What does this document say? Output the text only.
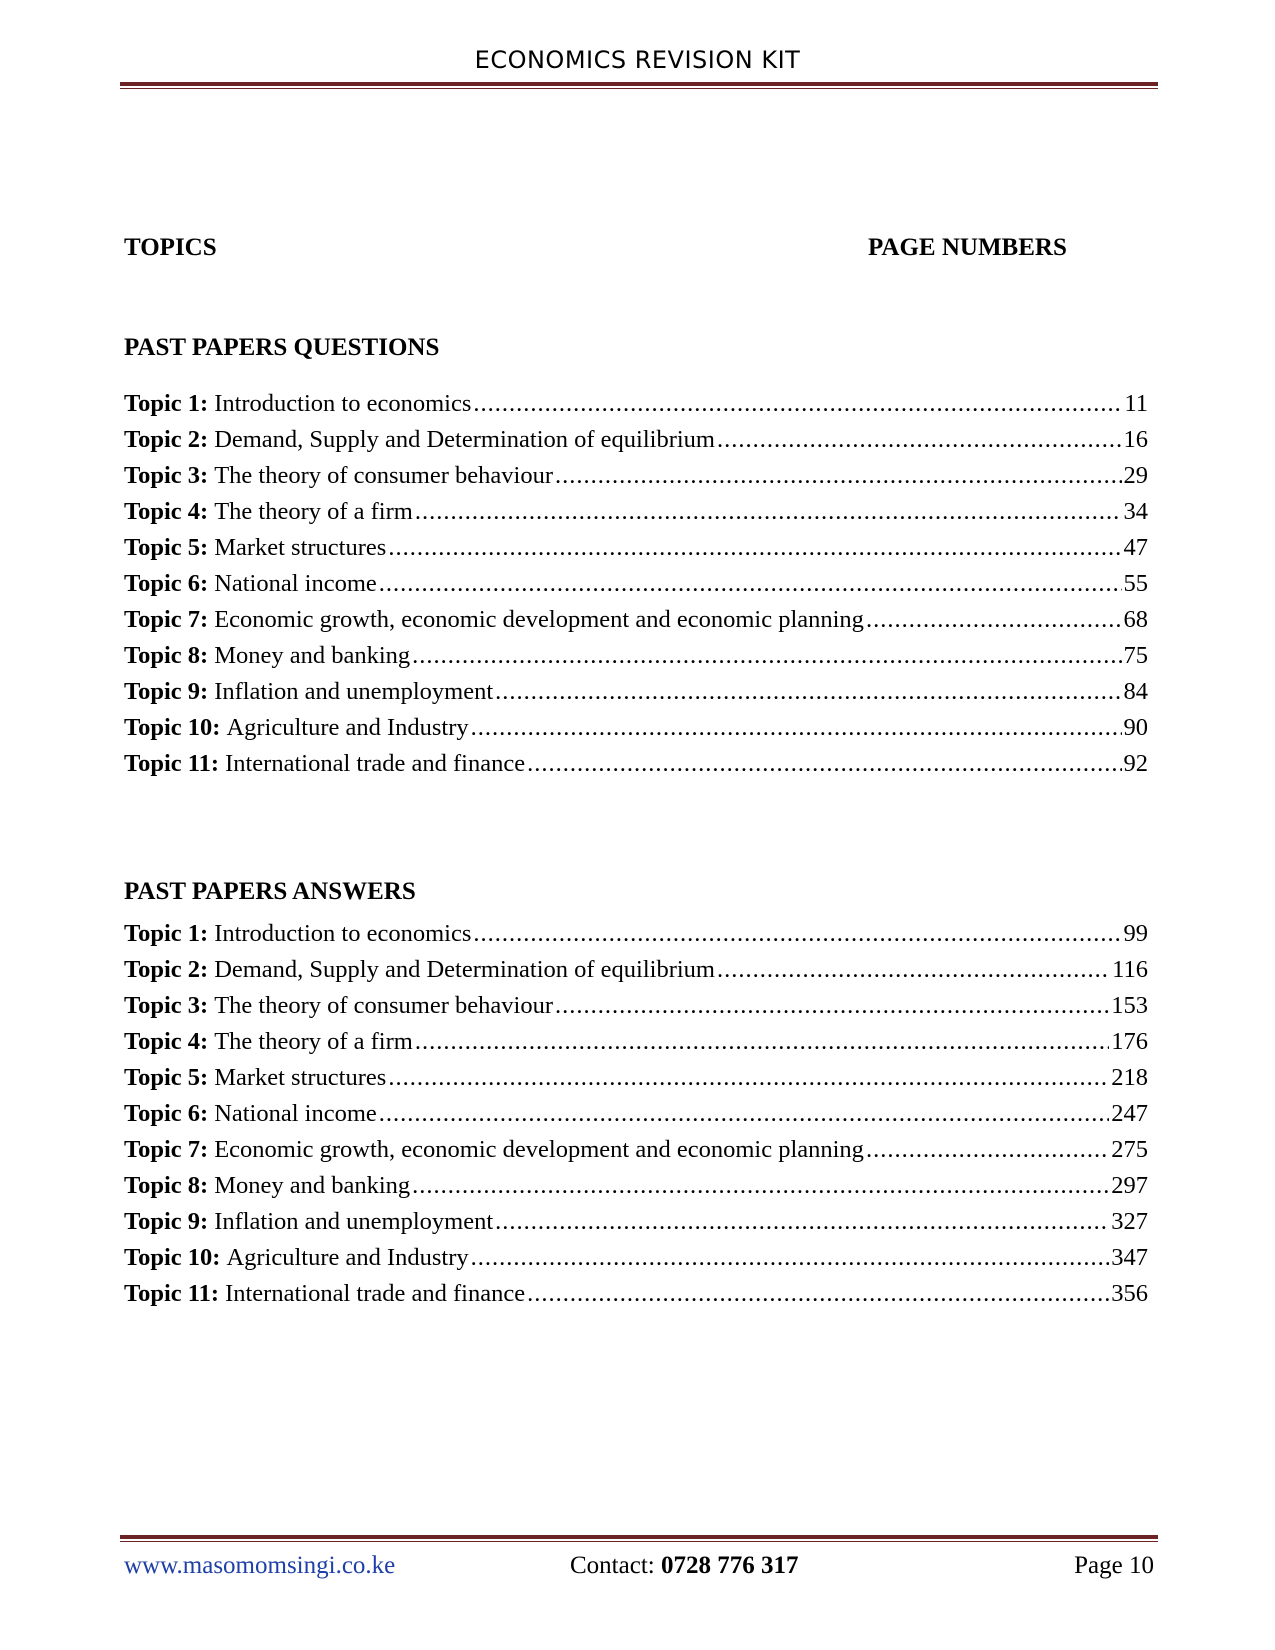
ECONOMICS REVISION KIT
TOPICS	PAGE NUMBERS
PAST PAPERS QUESTIONS
Topic 1: Introduction to economics .....	11
Topic 2: Demand, Supply and Determination of equilibrium .....	16
Topic 3: The theory of consumer behaviour .....	29
Topic 4: The theory of a firm .....	34
Topic 5: Market structures .....	47
Topic 6: National income .....	55
Topic 7: Economic growth, economic development and economic planning .....	68
Topic 8: Money and banking .....	75
Topic 9: Inflation and unemployment .....	84
Topic 10: Agriculture and Industry .....	90
Topic 11: International trade and finance .....	92
PAST PAPERS ANSWERS
Topic 1: Introduction to economics .....	99
Topic 2: Demand, Supply and Determination of equilibrium .....	116
Topic 3: The theory of consumer behaviour .....	153
Topic 4: The theory of a firm .....	176
Topic 5: Market structures .....	218
Topic 6: National income .....	247
Topic 7: Economic growth, economic development and economic planning .....	275
Topic 8: Money and banking .....	297
Topic 9: Inflation and unemployment .....	327
Topic 10: Agriculture and Industry .....	347
Topic 11: International trade and finance .....	356
www.masomomsingi.co.ke	Contact: 0728 776 317	Page 10
